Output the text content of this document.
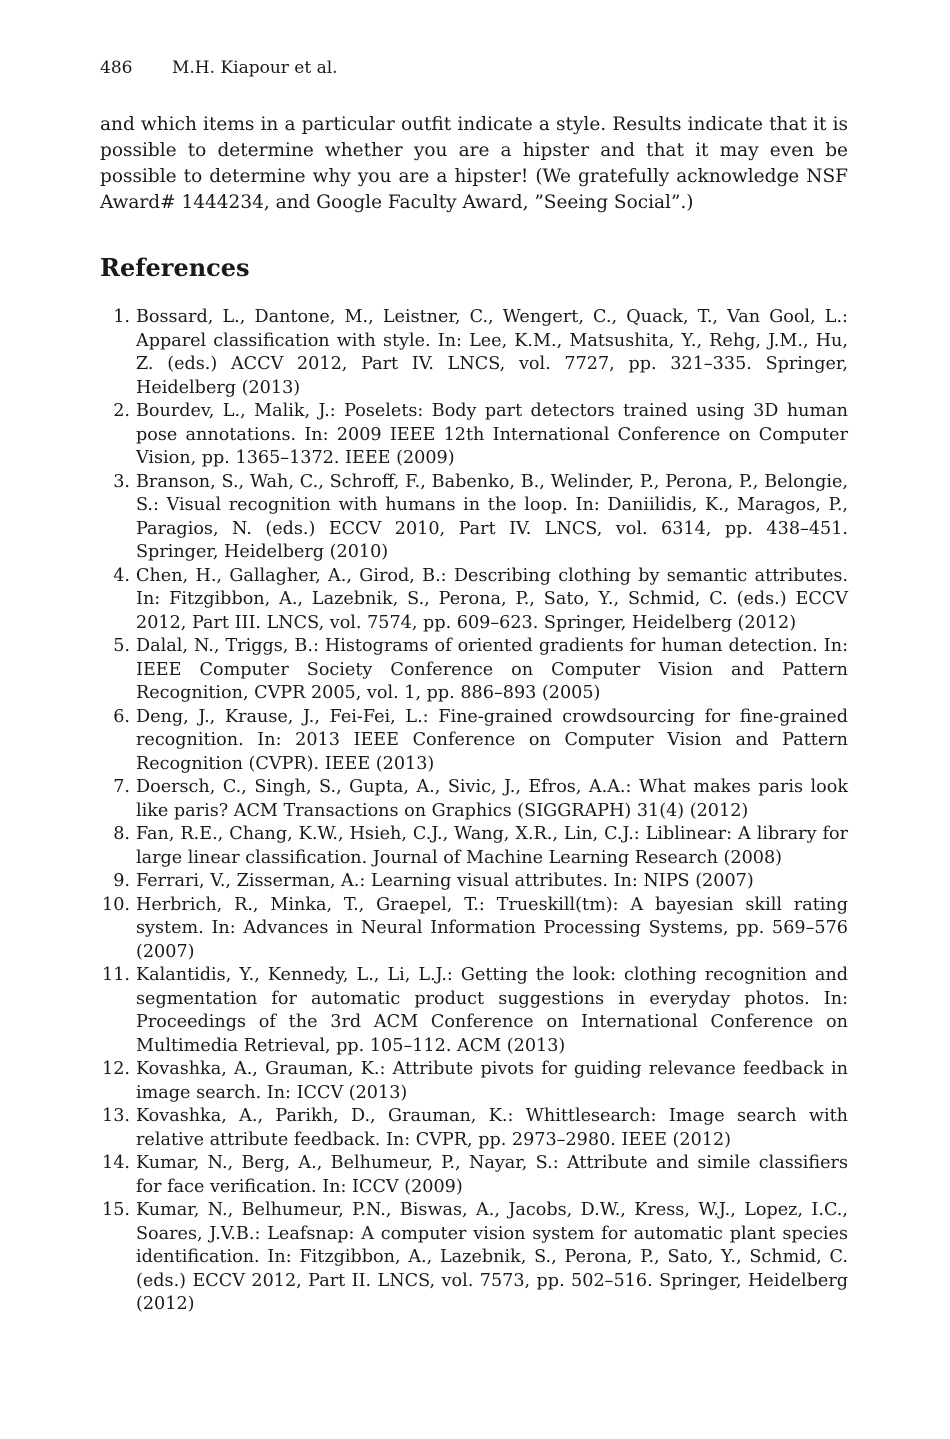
486 M.H. Kiapour et al.

and which items in a particular outfit indicate a style. Results indicate that it is possible to determine whether you are a hipster and that it may even be possible to determine why you are a hipster! (We gratefully acknowledge NSF Award# 1444234, and Google Faculty Award, ”Seeing Social”.)

References
1. Bossard, L., Dantone, M., Leistner, C., Wengert, C., Quack, T., Van Gool, L.: Apparel classification with style. In: Lee, K.M., Matsushita, Y., Rehg, J.M., Hu, Z. (eds.) ACCV 2012, Part IV. LNCS, vol. 7727, pp. 321–335. Springer, Heidelberg (2013)
2. Bourdev, L., Malik, J.: Poselets: Body part detectors trained using 3D human pose annotations. In: 2009 IEEE 12th International Conference on Computer Vision, pp. 1365–1372. IEEE (2009)
3. Branson, S., Wah, C., Schroff, F., Babenko, B., Welinder, P., Perona, P., Belongie, S.: Visual recognition with humans in the loop. In: Daniilidis, K., Maragos, P., Paragios, N. (eds.) ECCV 2010, Part IV. LNCS, vol. 6314, pp. 438–451. Springer, Heidelberg (2010)
4. Chen, H., Gallagher, A., Girod, B.: Describing clothing by semantic attributes. In: Fitzgibbon, A., Lazebnik, S., Perona, P., Sato, Y., Schmid, C. (eds.) ECCV 2012, Part III. LNCS, vol. 7574, pp. 609–623. Springer, Heidelberg (2012)
5. Dalal, N., Triggs, B.: Histograms of oriented gradients for human detection. In: IEEE Computer Society Conference on Computer Vision and Pattern Recognition, CVPR 2005, vol. 1, pp. 886–893 (2005)
6. Deng, J., Krause, J., Fei-Fei, L.: Fine-grained crowdsourcing for fine-grained recognition. In: 2013 IEEE Conference on Computer Vision and Pattern Recognition (CVPR). IEEE (2013)
7. Doersch, C., Singh, S., Gupta, A., Sivic, J., Efros, A.A.: What makes paris look like paris? ACM Transactions on Graphics (SIGGRAPH) 31(4) (2012)
8. Fan, R.E., Chang, K.W., Hsieh, C.J., Wang, X.R., Lin, C.J.: Liblinear: A library for large linear classification. Journal of Machine Learning Research (2008)
9. Ferrari, V., Zisserman, A.: Learning visual attributes. In: NIPS (2007)
10. Herbrich, R., Minka, T., Graepel, T.: Trueskill(tm): A bayesian skill rating system. In: Advances in Neural Information Processing Systems, pp. 569–576 (2007)
11. Kalantidis, Y., Kennedy, L., Li, L.J.: Getting the look: clothing recognition and segmentation for automatic product suggestions in everyday photos. In: Proceedings of the 3rd ACM Conference on International Conference on Multimedia Retrieval, pp. 105–112. ACM (2013)
12. Kovashka, A., Grauman, K.: Attribute pivots for guiding relevance feedback in image search. In: ICCV (2013)
13. Kovashka, A., Parikh, D., Grauman, K.: Whittlesearch: Image search with relative attribute feedback. In: CVPR, pp. 2973–2980. IEEE (2012)
14. Kumar, N., Berg, A., Belhumeur, P., Nayar, S.: Attribute and simile classifiers for face verification. In: ICCV (2009)
15. Kumar, N., Belhumeur, P.N., Biswas, A., Jacobs, D.W., Kress, W.J., Lopez, I.C., Soares, J.V.B.: Leafsnap: A computer vision system for automatic plant species identification. In: Fitzgibbon, A., Lazebnik, S., Perona, P., Sato, Y., Schmid, C. (eds.) ECCV 2012, Part II. LNCS, vol. 7573, pp. 502–516. Springer, Heidelberg (2012)
